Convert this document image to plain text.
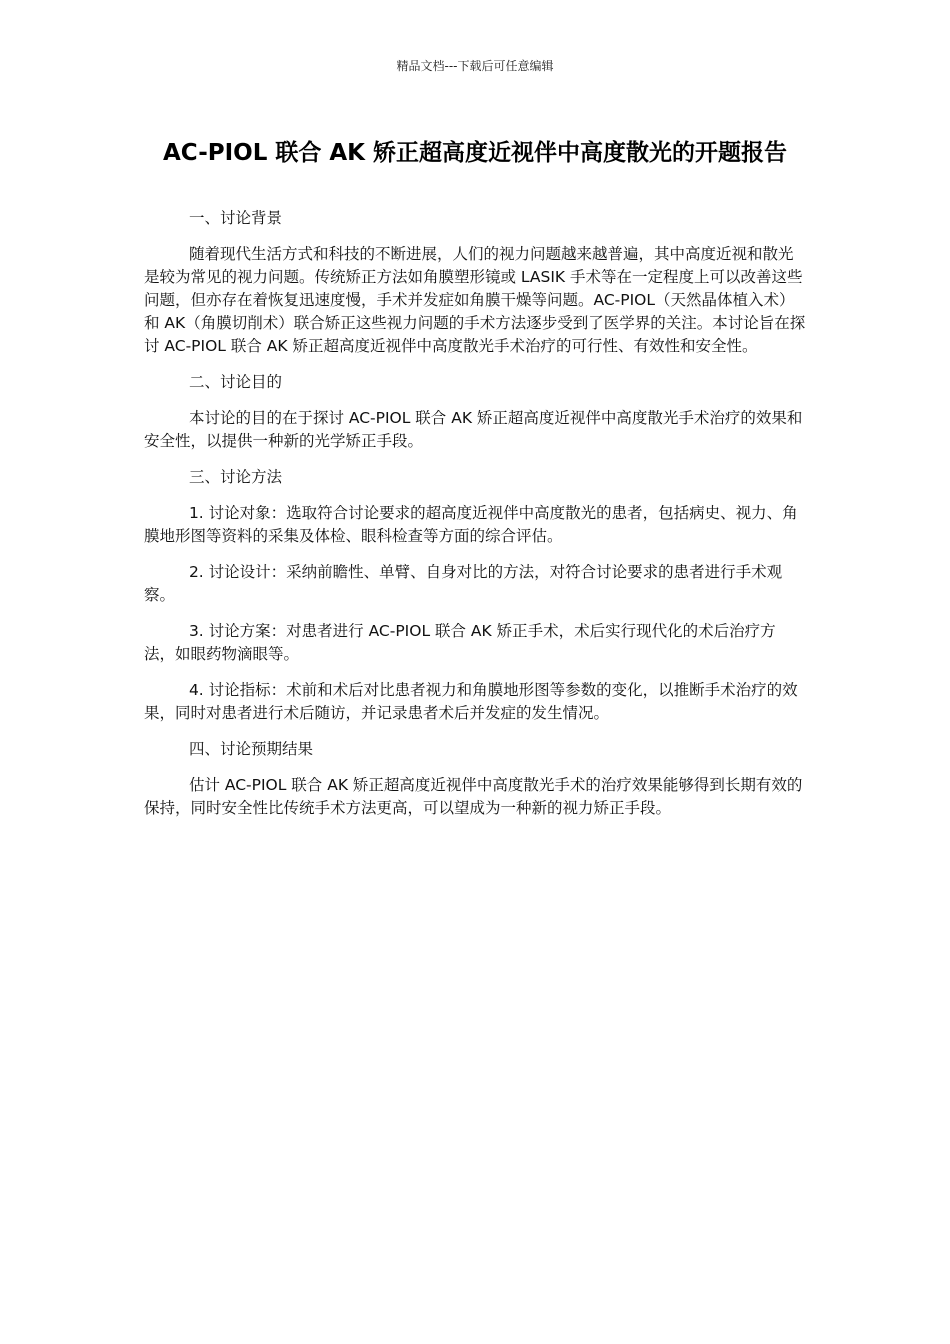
精品文档---下载后可任意编辑
AC-PIOL 联合 AK 矫正超高度近视伴中高度散光的开题报告

一、讨论背景

随着现代生活方式和科技的不断进展，人们的视力问题越来越普遍，其中高度近视和散光是较为常见的视力问题。传统矫正方法如角膜塑形镜或 LASIK 手术等在一定程度上可以改善这些问题，但亦存在着恢复迅速度慢，手术并发症如角膜干燥等问题。AC-PIOL（天然晶体植入术）和 AK（角膜切削术）联合矫正这些视力问题的手术方法逐步受到了医学界的关注。本讨论旨在探讨 AC-PIOL 联合 AK 矫正超高度近视伴中高度散光手术治疗的可行性、有效性和安全性。

二、讨论目的

本讨论的目的在于探讨 AC-PIOL 联合 AK 矫正超高度近视伴中高度散光手术治疗的效果和安全性，以提供一种新的光学矫正手段。

三、讨论方法

1. 讨论对象：选取符合讨论要求的超高度近视伴中高度散光的患者，包括病史、视力、角膜地形图等资料的采集及体检、眼科检查等方面的综合评估。

2. 讨论设计：采纳前瞻性、单臂、自身对比的方法，对符合讨论要求的患者进行手术观察。

3. 讨论方案：对患者进行 AC-PIOL 联合 AK 矫正手术，术后实行现代化的术后治疗方法，如眼药物滴眼等。

4. 讨论指标：术前和术后对比患者视力和角膜地形图等参数的变化，以推断手术治疗的效果，同时对患者进行术后随访，并记录患者术后并发症的发生情况。

四、讨论预期结果

估计 AC-PIOL 联合 AK 矫正超高度近视伴中高度散光手术的治疗效果能够得到长期有效的保持，同时安全性比传统手术方法更高，可以望成为一种新的视力矫正手段。
